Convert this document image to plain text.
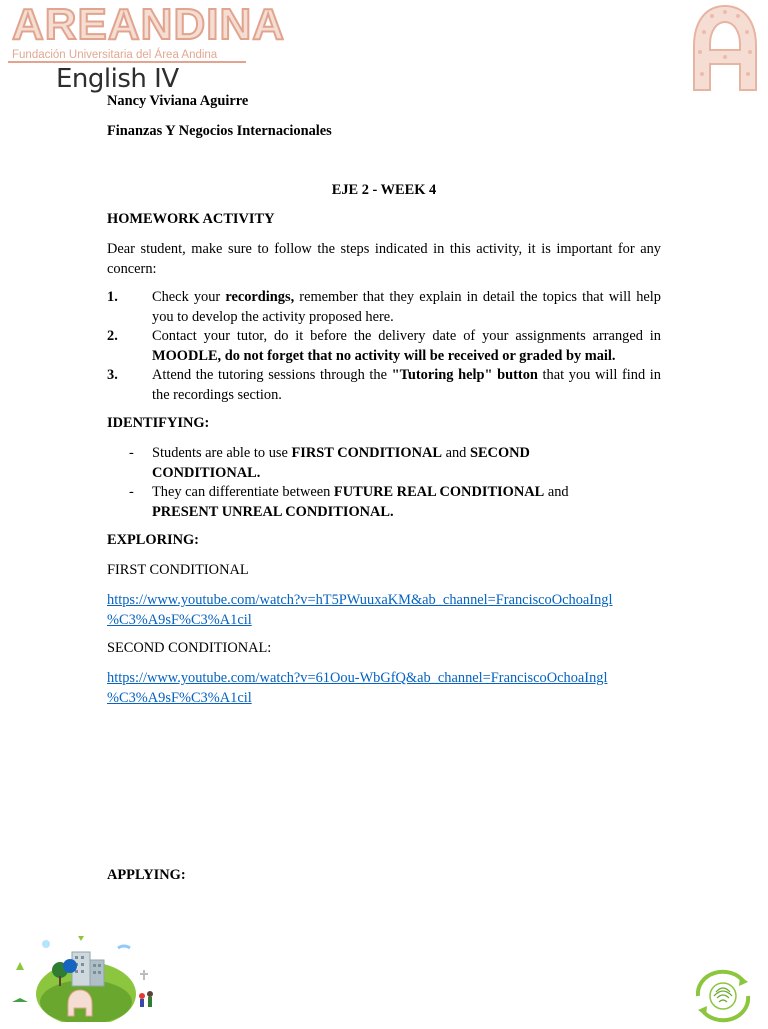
AREANDINA
Fundación Universitaria del Área Andina
English IV
Nancy Viviana Aguirre
Finanzas Y Negocios Internacionales
EJE 2 - WEEK 4
HOMEWORK ACTIVITY
Dear student, make sure to follow the steps indicated in this activity, it is important for any concern:
1. Check your recordings, remember that they explain in detail the topics that will help you to develop the activity proposed here.
2. Contact your tutor, do it before the delivery date of your assignments arranged in MOODLE, do not forget that no activity will be received or graded by mail.
3. Attend the tutoring sessions through the "Tutoring help" button that you will find in the recordings section.
IDENTIFYING:
- Students are able to use FIRST CONDITIONAL and SECOND CONDITIONAL.
- They can differentiate between FUTURE REAL CONDITIONAL and PRESENT UNREAL CONDITIONAL.
EXPLORING:
FIRST CONDITIONAL
https://www.youtube.com/watch?v=hT5PWuuxaKM&ab_channel=FranciscoOchoaIngl
%C3%A9sF%C3%A1cil
SECOND CONDITIONAL:
https://www.youtube.com/watch?v=61Oou-WbGfQ&ab_channel=FranciscoOchoaIngl
%C3%A9sF%C3%A1cil
APPLYING:
